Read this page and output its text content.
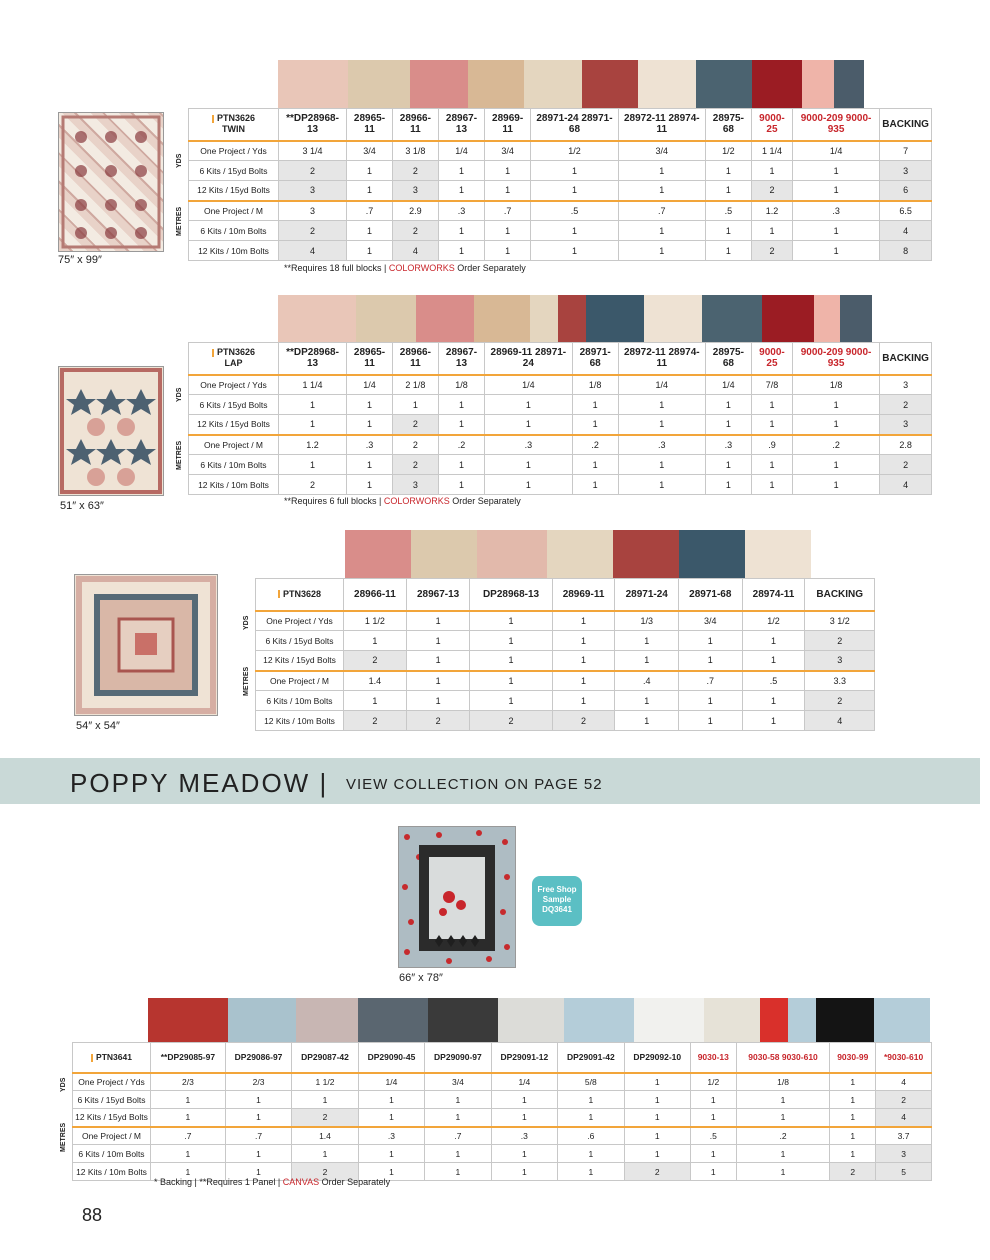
75″ x 99″
YDS
METRES
PTN3626
TWIN	**DP28968-13	28965-11	28966-11	28967-13	28969-11	28971-24 28971-68	28972-11 28974-11	28975-68	9000-25	9000-209 9000-935	BACKING
One Project / Yds	3 1/4	3/4	3 1/8	1/4	3/4	1/2	3/4	1/2	1 1/4	1/4	7
6 Kits / 15yd Bolts	2	1	2	1	1	1	1	1	1	1	3
12 Kits / 15yd Bolts	3	1	3	1	1	1	1	1	2	1	6
One Project / M	3	.7	2.9	.3	.7	.5	.7	.5	1.2	.3	6.5
6 Kits / 10m Bolts	2	1	2	1	1	1	1	1	1	1	4
12 Kits / 10m Bolts	4	1	4	1	1	1	1	1	2	1	8
**Requires 18 full blocks | COLORWORKS Order Separately
51″ x 63″
YDS
METRES
PTN3626
LAP	**DP28968-13	28965-11	28966-11	28967-13	28969-11 28971-24	28971-68	28972-11 28974-11	28975-68	9000-25	9000-209 9000-935	BACKING
One Project / Yds	1 1/4	1/4	2 1/8	1/8	1/4	1/8	1/4	1/4	7/8	1/8	3
6 Kits / 15yd Bolts	1	1	1	1	1	1	1	1	1	1	2
12 Kits / 15yd Bolts	1	1	2	1	1	1	1	1	1	1	3
One Project / M	1.2	.3	2	.2	.3	.2	.3	.3	.9	.2	2.8
6 Kits / 10m Bolts	1	1	2	1	1	1	1	1	1	1	2
12 Kits / 10m Bolts	2	1	3	1	1	1	1	1	1	1	4
**Requires 6 full blocks | COLORWORKS Order Separately
54″ x 54″
YDS
METRES
PTN3628	28966-11	28967-13	DP28968-13	28969-11	28971-24	28971-68	28974-11	BACKING
One Project / Yds	1 1/2	1	1	1	1/3	3/4	1/2	3 1/2
6 Kits / 15yd Bolts	1	1	1	1	1	1	1	2
12 Kits / 15yd Bolts	2	1	1	1	1	1	1	3
One Project / M	1.4	1	1	1	.4	.7	.5	3.3
6 Kits / 10m Bolts	1	1	1	1	1	1	1	2
12 Kits / 10m Bolts	2	2	2	2	1	1	1	4
POPPY MEADOW | VIEW COLLECTION ON PAGE 52
66″ x 78″
Free Shop Sample DQ3641
YDS
METRES
PTN3641	**DP29085-97	DP29086-97	DP29087-42	DP29090-45	DP29090-97	DP29091-12	DP29091-42	DP29092-10	9030-13	9030-58 9030-610	9030-99	*9030-610
One Project / Yds	2/3	2/3	1 1/2	1/4	3/4	1/4	5/8	1	1/2	1/8	1	4
6 Kits / 15yd Bolts	1	1	1	1	1	1	1	1	1	1	1	2
12 Kits / 15yd Bolts	1	1	2	1	1	1	1	1	1	1	1	4
One Project / M	.7	.7	1.4	.3	.7	.3	.6	1	.5	.2	1	3.7
6 Kits / 10m Bolts	1	1	1	1	1	1	1	1	1	1	1	3
12 Kits / 10m Bolts	1	1	2	1	1	1	1	2	1	1	2	5
* Backing | **Requires 1 Panel | CANVAS Order Separately
88
